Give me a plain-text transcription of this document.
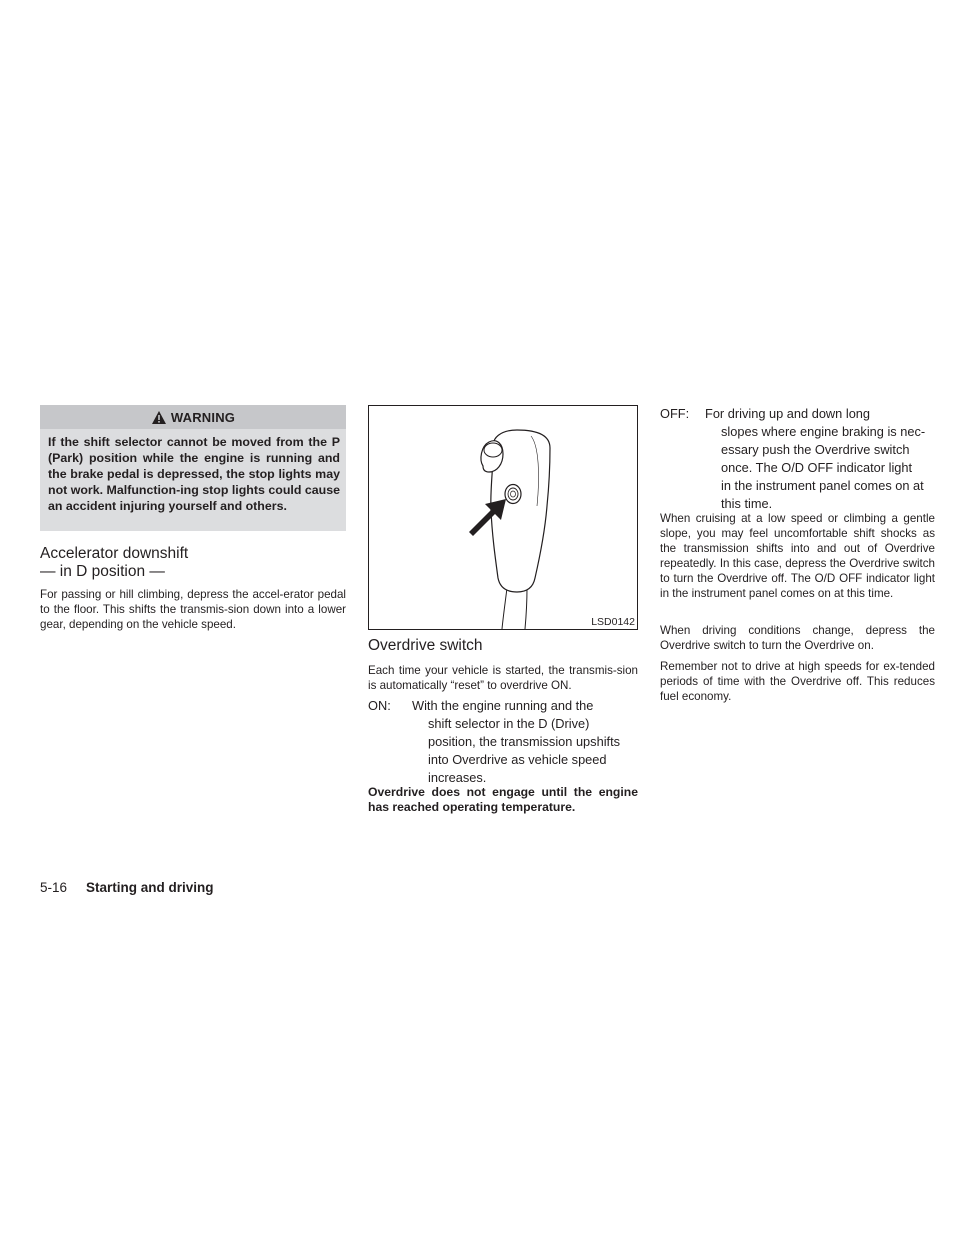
WARNING
If the shift selector cannot be moved from the P (Park) position while the engine is running and the brake pedal is depressed, the stop lights may not work. Malfunction-ing stop lights could cause an accident injuring yourself and others.
Accelerator downshift
— in D position —
For passing or hill climbing, depress the accel-erator pedal to the floor. This shifts the transmis-sion down into a lower gear, depending on the vehicle speed.	LSD0142
Overdrive switch
Each time your vehicle is started, the transmis-sion is automatically “reset” to overdrive ON.
ON: With the engine running and the
shift selector in the D (Drive)
position, the transmission upshifts
into Overdrive as vehicle speed
increases.
Overdrive does not engage until the engine has reached operating temperature.
OFF: For driving up and down long
slopes where engine braking is nec-
essary push the Overdrive switch
once. The O/D OFF indicator light
in the instrument panel comes on at
this time.
When cruising at a low speed or climbing a gentle slope, you may feel uncomfortable shift shocks as the transmission shifts into and out of Overdrive repeatedly. In this case, depress the Overdrive switch to turn the Overdrive off. The O/D OFF indicator light in the instrument panel comes on at this time.
When driving conditions change, depress the Overdrive switch to turn the Overdrive on.
Remember not to drive at high speeds for ex-tended periods of time with the Overdrive off. This reduces fuel economy.
5-16 Starting and driving
